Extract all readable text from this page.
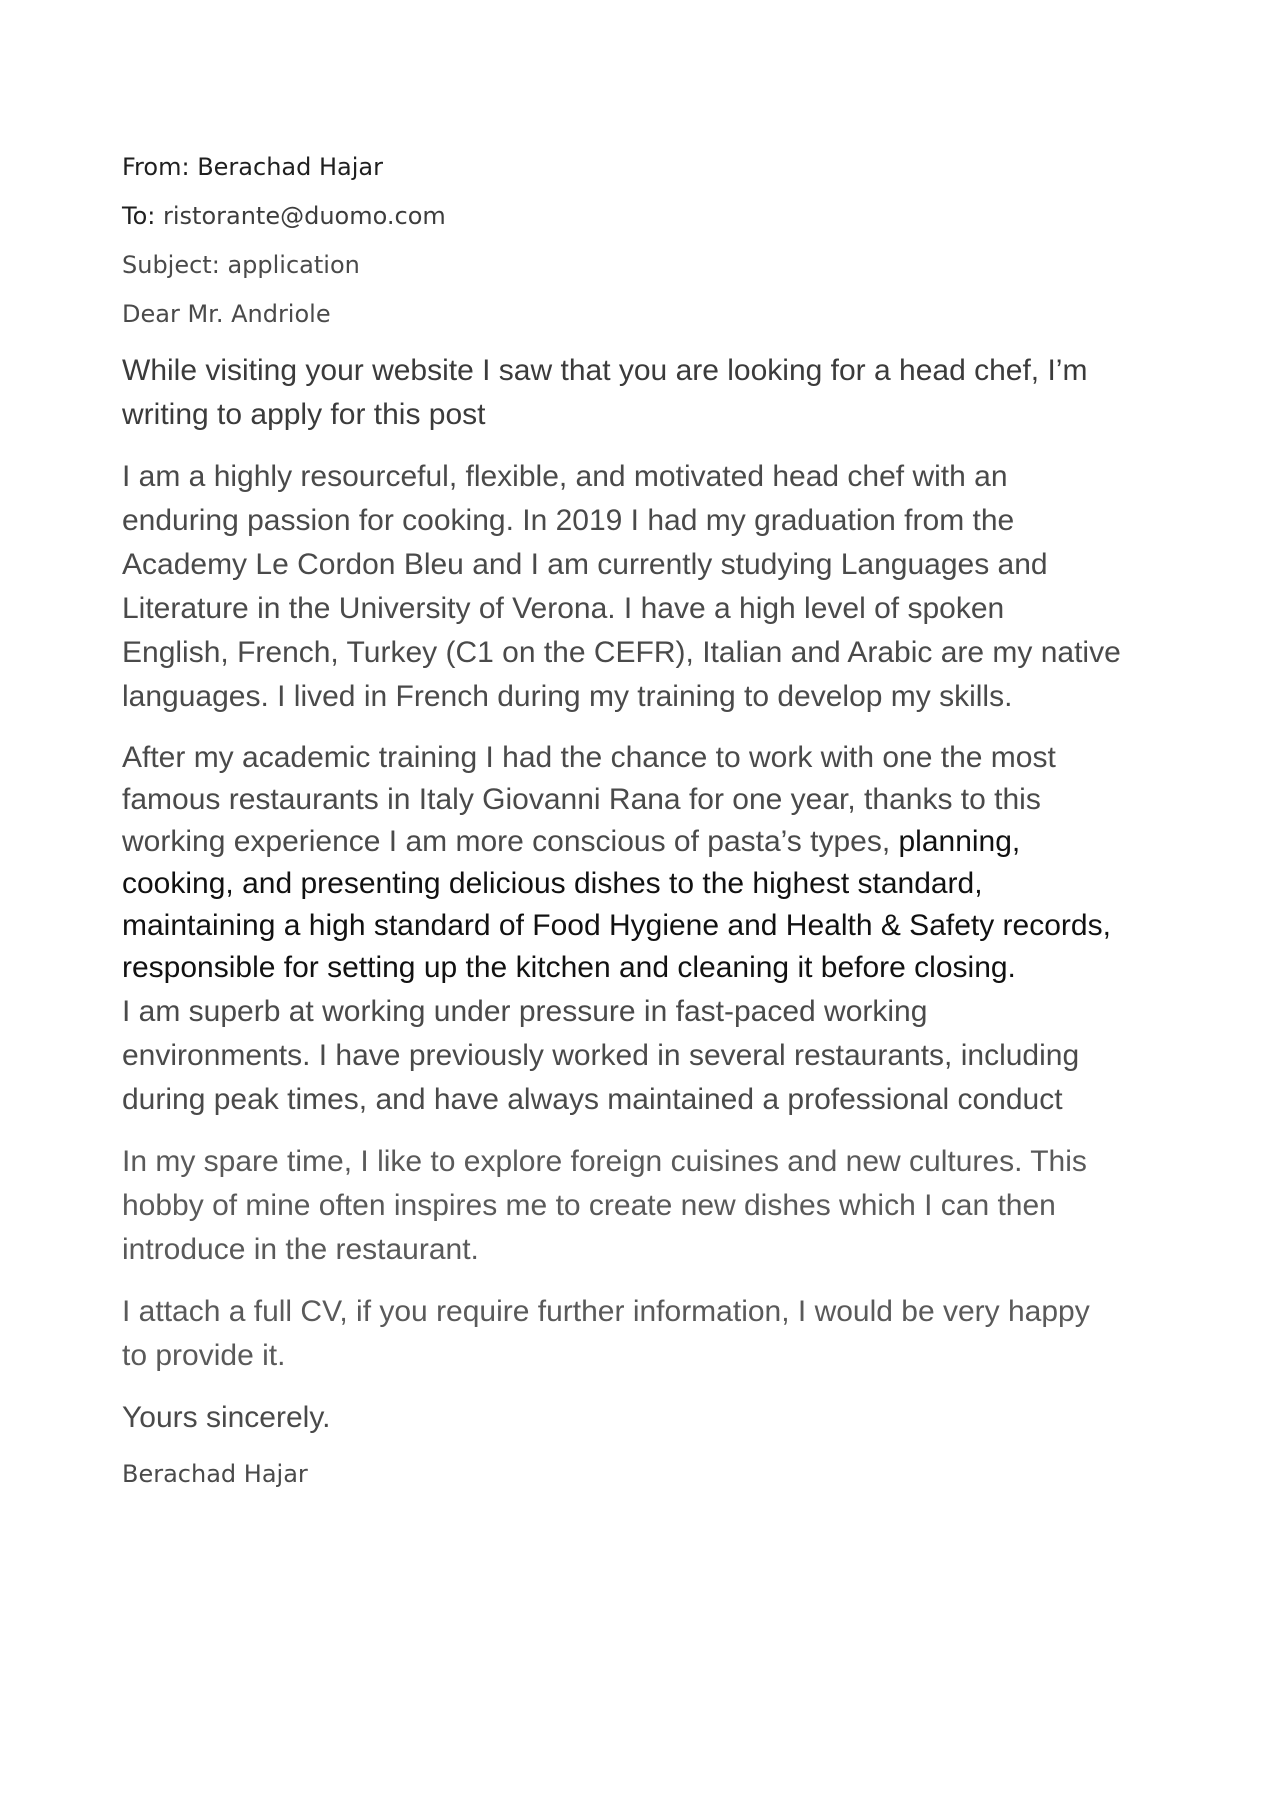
From: Berachad Hajar
To: ristorante@duomo.com
Subject: application
Dear Mr. Andriole

While visiting your website I saw that you are looking for a head chef, I’m
writing to apply for this post

I am a highly resourceful, flexible, and motivated head chef with an
enduring passion for cooking. In 2019 I had my graduation from the
Academy Le Cordon Bleu and I am currently studying Languages and
Literature in the University of Verona. I have a high level of spoken
English, French, Turkey (C1 on the CEFR), Italian and Arabic are my native
languages. I lived in French during my training to develop my skills.

After my academic training I had the chance to work with one the most
famous restaurants in Italy Giovanni Rana for one year, thanks to this
working experience I am more conscious of pasta’s types, planning,
cooking, and presenting delicious dishes to the highest standard,
maintaining a high standard of Food Hygiene and Health & Safety records,
responsible for setting up the kitchen and cleaning it before closing.

I am superb at working under pressure in fast-paced working
environments. I have previously worked in several restaurants, including
during peak times, and have always maintained a professional conduct

In my spare time, I like to explore foreign cuisines and new cultures. This
hobby of mine often inspires me to create new dishes which I can then
introduce in the restaurant.

I attach a full CV, if you require further information, I would be very happy
to provide it.

Yours sincerely.

Berachad Hajar
